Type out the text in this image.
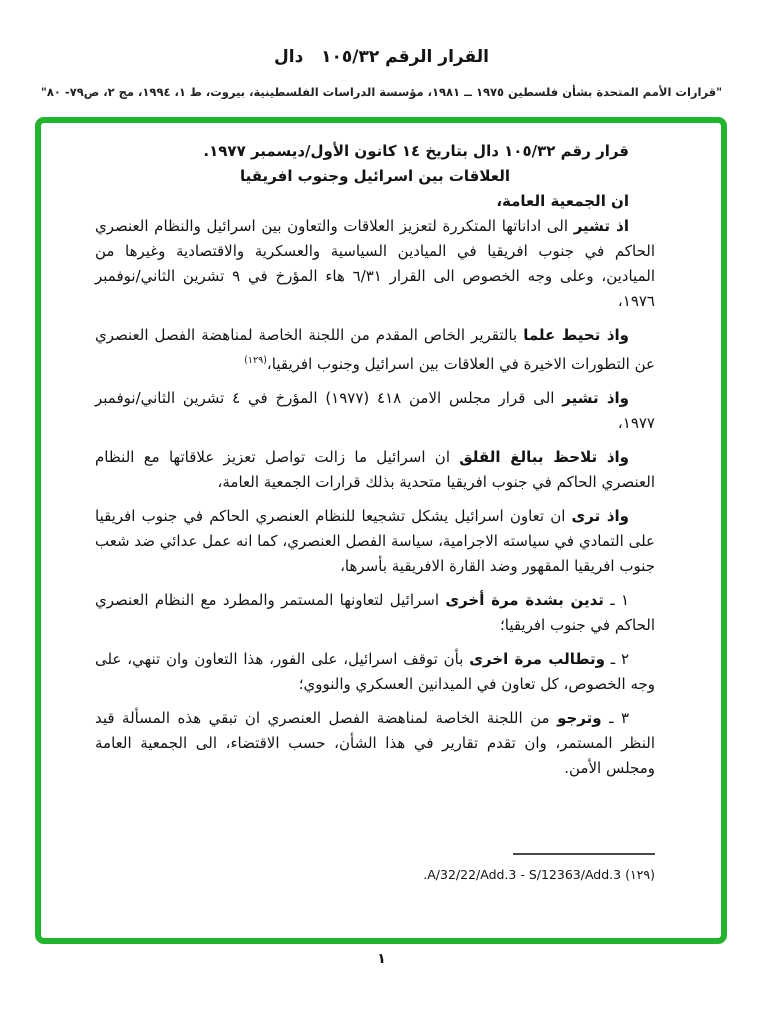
القرار الرقم ١٠٥/٣٢   دال
"قرارات الأمم المتحدة بشأن فلسطين ١٩٧٥ ــ ١٩٨١، مؤسسة الدراسات الفلسطينية، بيروت، ط ١، ١٩٩٤، مج ٢، ص٧٩- ٨٠"

قرار رقم ١٠٥/٣٢ دال بتاريخ ١٤ كانون الأول/ديسمبر ١٩٧٧.

العلاقات بين اسرائيل وجنوب افريقيا

ان الجمعية العامة،

اذ تشير الى اداناتها المتكررة لتعزيز العلاقات والتعاون بين اسرائيل والنظام العنصري الحاكم في جنوب افريقيا في الميادين السياسية والعسكرية والاقتصادية وغيرها من الميادين، وعلى وجه الخصوص الى القرار ٦/٣١ هاء المؤرخ في ٩ تشرين الثاني/نوفمبر ١٩٧٦،

واذ تحيط علما بالتقرير الخاص المقدم من اللجنة الخاصة لمناهضة الفصل العنصري عن التطورات الاخيرة في العلاقات بين اسرائيل وجنوب افريقيا،$^{(١٢٩)}$

واذ تشير الى قرار مجلس الامن ٤١٨ (١٩٧٧) المؤرخ في ٤ تشرين الثاني/نوفمبر ١٩٧٧،

واذ تلاحظ ببالغ القلق ان اسرائيل ما زالت تواصل تعزيز علاقاتها مع النظام العنصري الحاكم في جنوب افريقيا متحدية بذلك قرارات الجمعية العامة،

واذ ترى ان تعاون اسرائيل يشكل تشجيعا للنظام العنصري الحاكم في جنوب افريقيا على التمادي في سياسته الاجرامية، سياسة الفصل العنصري، كما انه عمل عدائي ضد شعب جنوب افريقيا المقهور وضد القارة الافريقية بأسرها،

١ ـ تدين بشدة مرة أخرى اسرائيل لتعاونها المستمر والمطرد مع النظام العنصري الحاكم في جنوب افريقيا؛

٢ ـ وتطالب مرة اخرى بأن توقف اسرائيل، على الفور، هذا التعاون وان تنهي، على وجه الخصوص، كل تعاون في الميدانين العسكري والنووي؛

٣ ـ وترجو من اللجنة الخاصة لمناهضة الفصل العنصري ان تبقي هذه المسألة قيد النظر المستمر، وان تقدم تقارير في هذا الشأن، حسب الاقتضاء، الى الجمعية العامة ومجلس الأمن.

(١٢٩) A/32/22/Add.3 - S/12363/Add.3.

١
